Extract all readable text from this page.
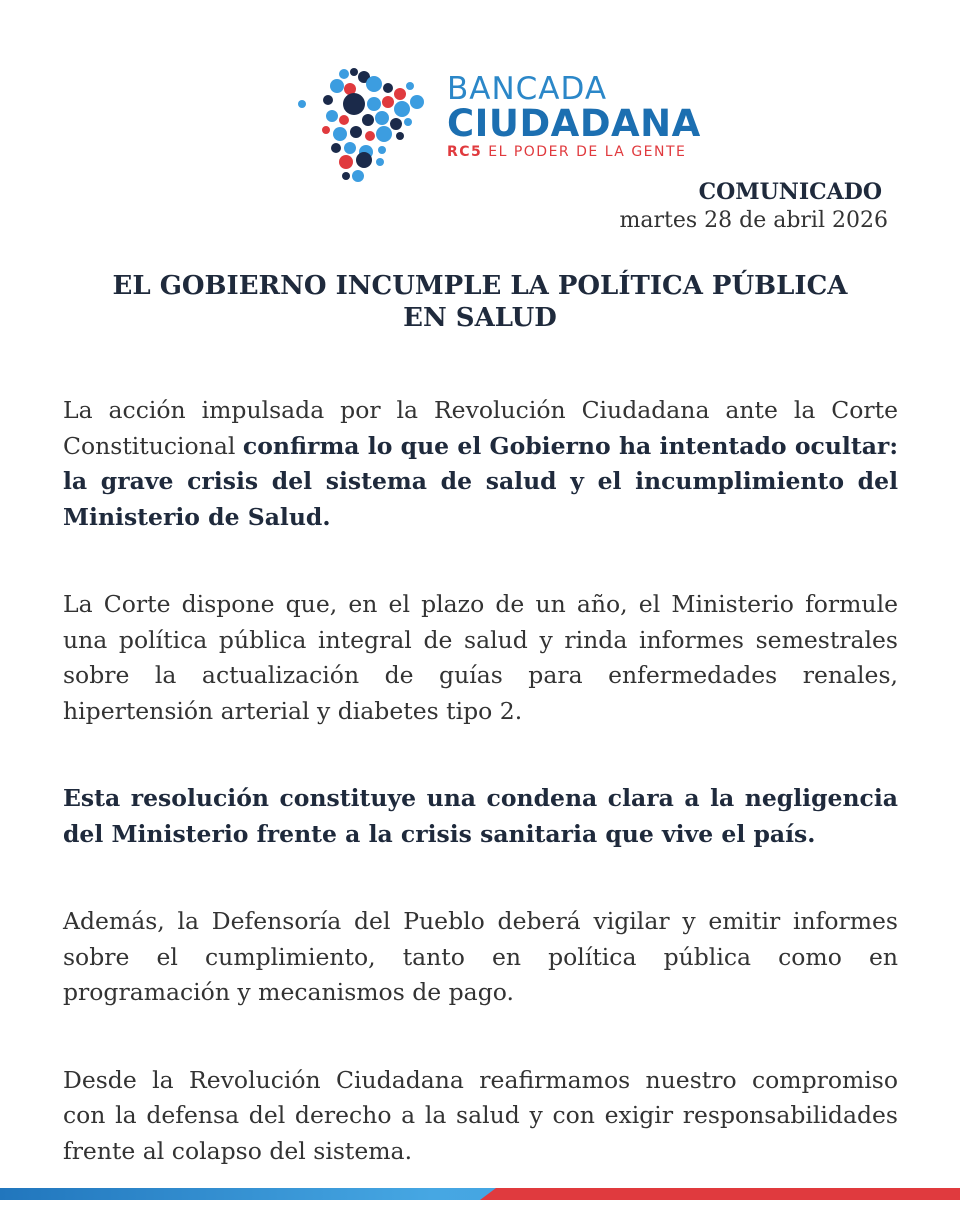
BANCADA
CIUDADANA
RC5 EL PODER DE LA GENTE
COMUNICADO
martes 28 de abril 2026
EL GOBIERNO INCUMPLE LA POLÍTICA PÚBLICA
EN SALUD

La acción impulsada por la Revolución Ciudadana ante la Corte Constitucional confirma lo que el Gobierno ha intentado ocultar: la grave crisis del sistema de salud y el incumplimiento del Ministerio de Salud.

La Corte dispone que, en el plazo de un año, el Ministerio formule una política pública integral de salud y rinda informes semestrales sobre la actualización de guías para enfermedades renales, hipertensión arterial y diabetes tipo 2.

Esta resolución constituye una condena clara a la negligencia del Ministerio frente a la crisis sanitaria que vive el país.

Además, la Defensoría del Pueblo deberá vigilar y emitir informes sobre el cumplimiento, tanto en política pública como en programación y mecanismos de pago.

Desde la Revolución Ciudadana reafirmamos nuestro compromiso con la defensa del derecho a la salud y con exigir responsabilidades frente al colapso del sistema.
